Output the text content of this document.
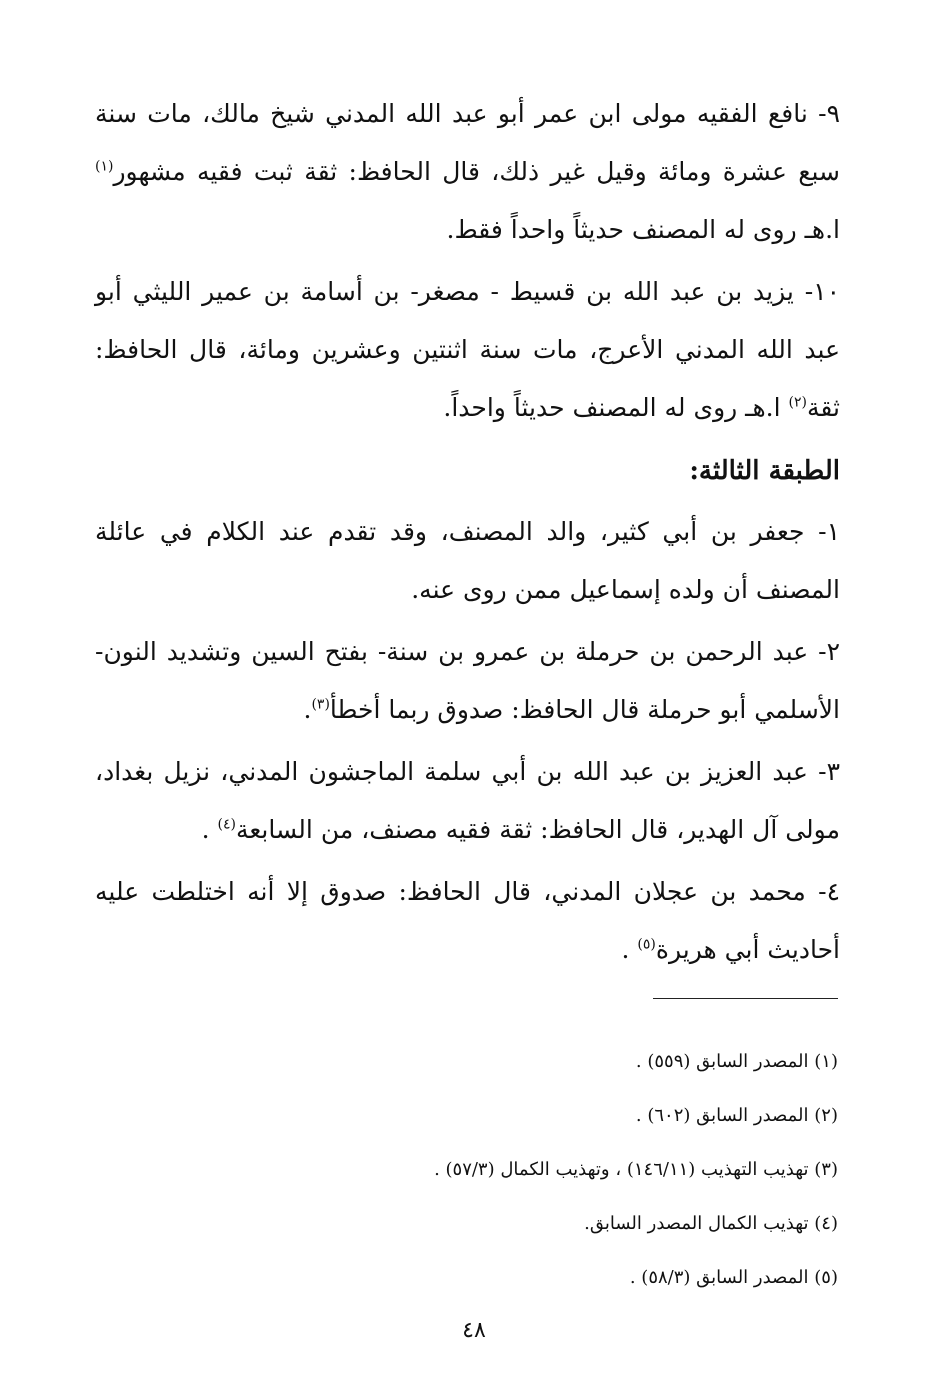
٩- نافع الفقيه مولى ابن عمر أبو عبد الله المدني شيخ مالك، مات سنة سبع عشرة ومائة وقيل غير ذلك، قال الحافظ: ثقة ثبت فقيه مشهور$^{(١)}$ ا.هـ روى له المصنف حديثاً واحداً فقط.

١٠- يزيد بن عبد الله بن قسيط - مصغر- بن أسامة بن عمير الليثي أبو عبد الله المدني الأعرج، مات سنة اثنتين وعشرين ومائة، قال الحافظ: ثقة$^{(٢)}$ ا.هـ روى له المصنف حديثاً واحداً.

الطبقة الثالثة:

١- جعفر بن أبي كثير، والد المصنف، وقد تقدم عند الكلام في عائلة المصنف أن ولده إسماعيل ممن روى عنه.

٢- عبد الرحمن بن حرملة بن عمرو بن سنة- بفتح السين وتشديد النون- الأسلمي أبو حرملة قال الحافظ: صدوق ربما أخطأ$^{(٣)}$.

٣- عبد العزيز بن عبد الله بن أبي سلمة الماجشون المدني، نزيل بغداد، مولى آل الهدير، قال الحافظ: ثقة فقيه مصنف، من السابعة$^{(٤)}$ .

٤- محمد بن عجلان المدني، قال الحافظ: صدوق إلا أنه اختلطت عليه أحاديث أبي هريرة$^{(٥)}$ .

(١) المصدر السابق (٥٥٩) .

(٢) المصدر السابق (٦٠٢) .

(٣) تهذيب التهذيب (١٤٦/١١) ، وتهذيب الكمال (٥٧/٣) .

(٤) تهذيب الكمال المصدر السابق.

(٥) المصدر السابق (٥٨/٣) .

٤٨
